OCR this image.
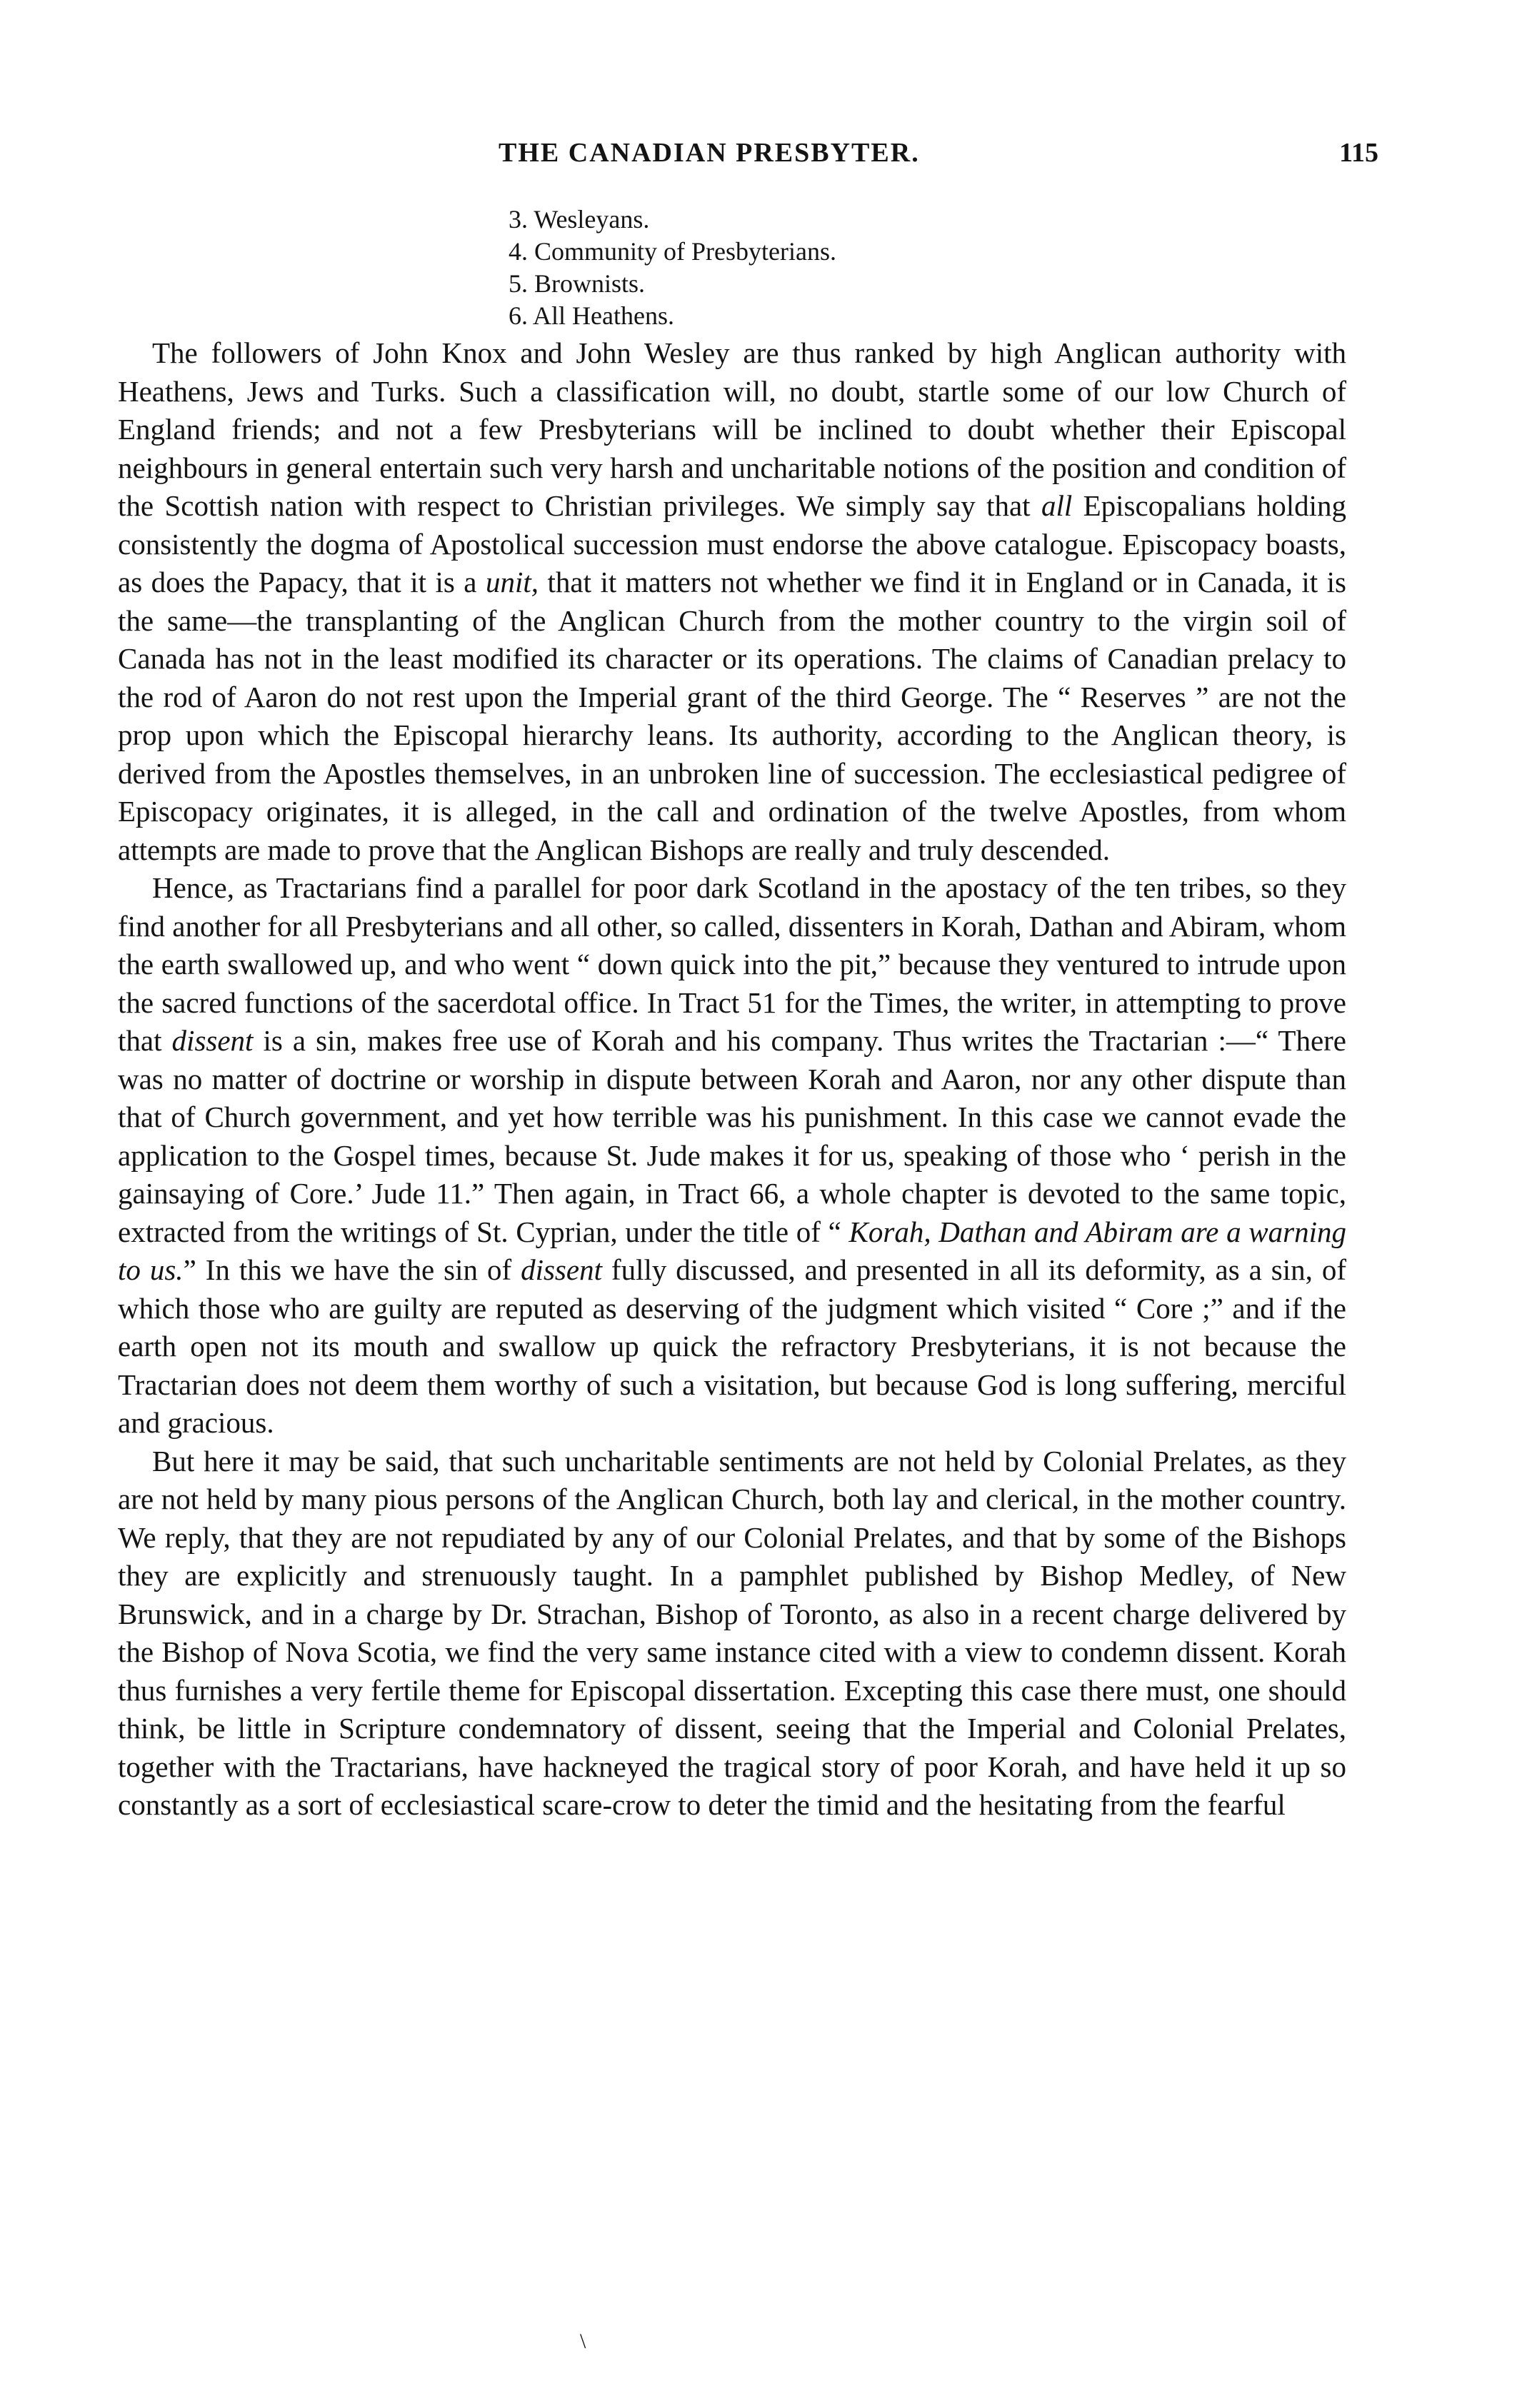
THE CANADIAN PRESBYTER.	115
3. Wesleyans.
4. Community of Presbyterians.
5. Brownists.
6. All Heathens.

The followers of John Knox and John Wesley are thus ranked by high Anglican authority with Heathens, Jews and Turks. Such a classification will, no doubt, startle some of our low Church of England friends; and not a few Presbyterians will be inclined to doubt whether their Episcopal neighbours in general entertain such very harsh and uncharitable notions of the position and condition of the Scottish nation with respect to Christian privileges. We simply say that all Episcopalians holding consistently the dogma of Apostolical succession must endorse the above catalogue. Episcopacy boasts, as does the Papacy, that it is a unit, that it matters not whether we find it in England or in Canada, it is the same—the transplanting of the Anglican Church from the mother country to the virgin soil of Canada has not in the least modified its character or its operations. The claims of Canadian prelacy to the rod of Aaron do not rest upon the Imperial grant of the third George. The “ Reserves ” are not the prop upon which the Episcopal hierarchy leans. Its authority, according to the Anglican theory, is derived from the Apostles themselves, in an unbroken line of succession. The ecclesiastical pedigree of Episcopacy originates, it is alleged, in the call and ordination of the twelve Apostles, from whom attempts are made to prove that the Anglican Bishops are really and truly descended.

Hence, as Tractarians find a parallel for poor dark Scotland in the apostacy of the ten tribes, so they find another for all Presbyterians and all other, so called, dissenters in Korah, Dathan and Abiram, whom the earth swallowed up, and who went “ down quick into the pit,” because they ventured to intrude upon the sacred functions of the sacerdotal office. In Tract 51 for the Times, the writer, in attempting to prove that dissent is a sin, makes free use of Korah and his company. Thus writes the Tractarian :—“ There was no matter of doctrine or worship in dispute between Korah and Aaron, nor any other dispute than that of Church government, and yet how terrible was his punishment. In this case we cannot evade the application to the Gospel times, because St. Jude makes it for us, speaking of those who ‘ perish in the gainsaying of Core.’ Jude 11.” Then again, in Tract 66, a whole chapter is devoted to the same topic, extracted from the writings of St. Cyprian, under the title of “ Korah, Dathan and Abiram are a warning to us.” In this we have the sin of dissent fully discussed, and presented in all its deformity, as a sin, of which those who are guilty are reputed as deserving of the judgment which visited “ Core ;” and if the earth open not its mouth and swallow up quick the refractory Presbyterians, it is not because the Tractarian does not deem them worthy of such a visitation, but because God is long suffering, merciful and gracious.

But here it may be said, that such uncharitable sentiments are not held by Colonial Prelates, as they are not held by many pious persons of the Anglican Church, both lay and clerical, in the mother country. We reply, that they are not repudiated by any of our Colonial Prelates, and that by some of the Bishops they are explicitly and strenuously taught. In a pamphlet published by Bishop Medley, of New Brunswick, and in a charge by Dr. Strachan, Bishop of Toronto, as also in a recent charge delivered by the Bishop of Nova Scotia, we find the very same instance cited with a view to condemn dissent. Korah thus furnishes a very fertile theme for Episcopal dissertation. Excepting this case there must, one should think, be little in Scripture condemnatory of dissent, seeing that the Imperial and Colonial Prelates, together with the Tractarians, have hackneyed the tragical story of poor Korah, and have held it up so constantly as a sort of ecclesiastical scare-crow to deter the timid and the hesitating from the fearful

\
